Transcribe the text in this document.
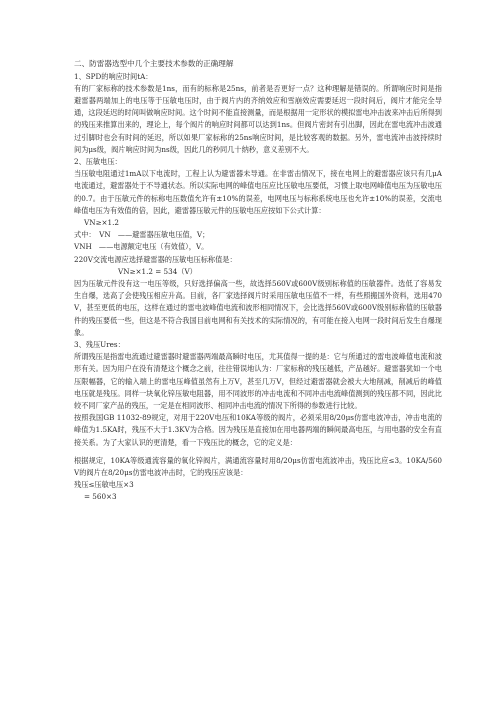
二、防雷器选型中几个主要技术参数的正确理解

1、SPD的响应时间tA：

有的厂家标称的技术参数是1ns，而有的标称是25ns，前者是否更好一点？这种理解是错误的。所谓响应时间是指避雷器两端加上的电压等于压敏电压时，由于阀片内的齐纳效应和雪崩效应需要延迟一段时间后，阀片才能完全导通，这段延迟的时间叫做响应时间。这个时间不能直接测量，而是根据用一定形状的模拟雷电冲击波来冲击后所得到的残压来推算出来的，理论上，每个阀片的响应时间都可以达到1ns。但阀片密封有引出脚，因此在雷电流冲击波通过引脚时也会有时间的延迟，所以如果厂家标称的25ns响应时间，是比较客观的数据。另外，雷电流冲击波持续时间为μs级，阀片响应时间为ns级，因此几的秒同几十纳秒，意义差别不大。

2、压敏电压：

当压敏电阻通过1mA以下电流时，工程上认为避雷器未导通。在非雷击情况下，接在电网上的避雷器应该只有几μA电流通过，避雷器处于不导通状态。所以实际电网的峰值电压应比压敏电压要低，习惯上取电网峰值电压为压敏电压的0.7。由于压敏元件的标称电压数值允许有±10%的误差，电网电压与标称系统电压也允许±10%的误差，交流电峰值电压为有效值的倍，因此，避雷器压敏元件的压敏电压应按如下公式计算：

VN≥×1.2

式中：　VN　——避雷器压敏电压值，V；

VNH　——电源额定电压（有效值），V。

220V交流电源应选择避雷器的压敏电压标称值是：

VN≥×1.2 = 534（V）

因为压敏元件没有这一电压等级，只好选择偏高一些，故选择560V或600V级别标称值的压敏器件。选低了容易发生自爆，选高了会使残压相应升高。目前，各厂家选择阀片时采用压敏电压值不一样，有些照搬国外资料，选用470V，甚至更低的电压，这样在通过的雷电波峰值电流和波形相同情况下，会比选择560V或600V级别标称值的压敏器件的残压要低一些，但这是不符合我国目前电网和有关技术的实际情况的，有可能在接入电网一段时间后发生自爆现象。

3、残压Ures：

所谓残压是指雷电流通过避雷器时避雷器两端最高瞬时电压，尤其值得一提的是：它与所通过的雷电波峰值电流和波形有关。因为用户在没有清楚这个概念之前，往往错误地认为：厂家标称的残压越低，产品越好。避雷器犹如一个电压限幅器，它的输入端上的雷电压峰值虽然有上万V，甚至几万V，但经过避雷器就会被大大地削减，削减后的峰值电压就是残压。同样一块氧化锌压敏电阻器，用不同波形的冲击电流和不同冲击电流峰值测到的残压都不同，因此比较不同厂家产品的残压，一定是在相同波形、相同冲击电流的情况下所得的参数进行比较。

按照我国GB 11032-89规定，对用于220V电压和10KA等级的阀片，必须采用8/20μs仿雷电波冲击，冲击电流的峰值为1.5KA时，残压不大于1.3KV为合格。因为残压是直接加在用电器两端的瞬间最高电压，与用电器的安全有直接关系。为了大家认识的更清楚，看一下残压比的概念，它的定义是：

根据规定，10KA等级通流容量的氧化锌阀片，满通流容量时用8/20μs仿雷电流波冲击，残压比应≤3。10KA/560V的阀片在8/20μs仿雷电波冲击时，它的残压应该是：

残压≤压敏电压×3

= 560×3
